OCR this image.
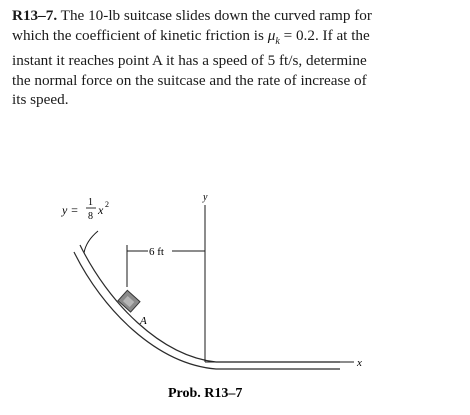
R13–7. The 10-lb suitcase slides down the curved ramp for
which the coefficient of kinetic friction is $\mu_k = 0.2$. If at the
instant it reaches point A it has a speed of 5 ft/s, determine
the normal force on the suitcase and the rate of increase of
its speed.
y =
1
8 x 2
y
x
6 ft
A
Prob. R13–7
